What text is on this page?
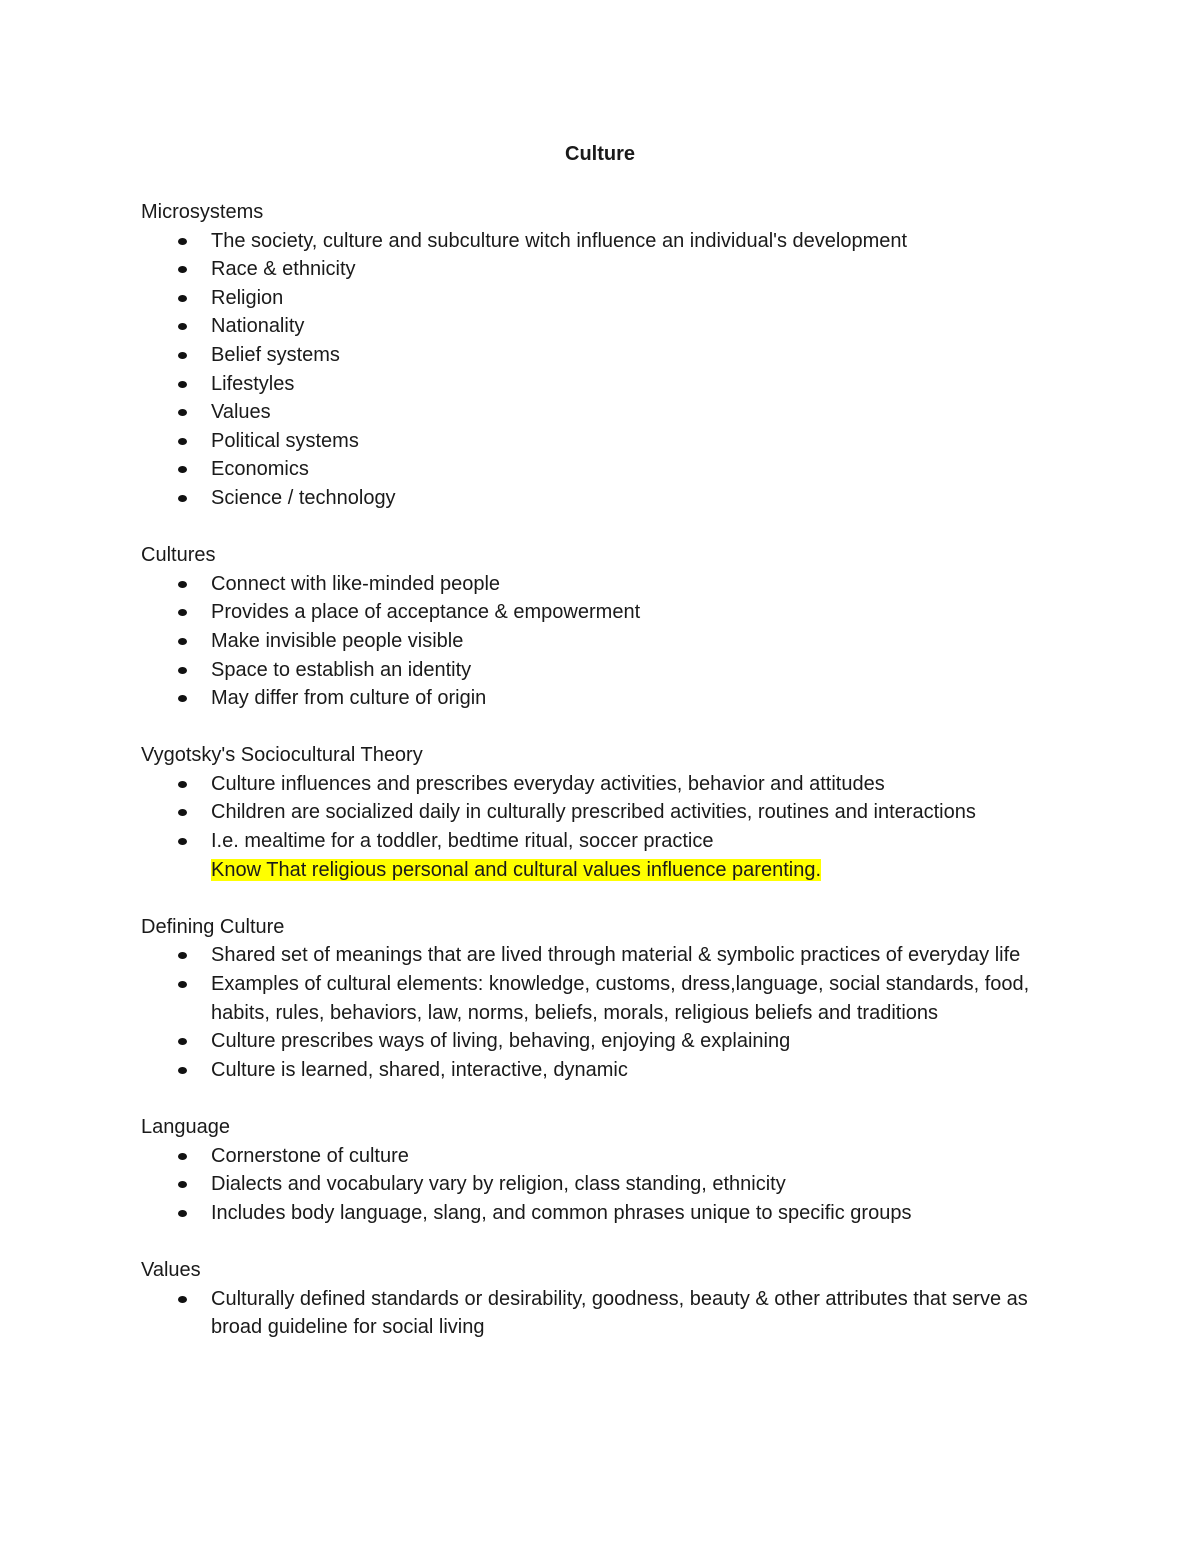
Culture
Microsystems
The society, culture and subculture witch influence an individual's development
Race & ethnicity
Religion
Nationality
Belief systems
Lifestyles
Values
Political systems
Economics
Science / technology
Cultures
Connect with like-minded people
Provides a place of acceptance & empowerment
Make invisible people visible
Space to establish an identity
May differ from culture of origin
Vygotsky's Sociocultural Theory
Culture influences and prescribes everyday activities, behavior and attitudes
Children are socialized daily in culturally prescribed activities, routines and interactions
I.e. mealtime for a toddler, bedtime ritual, soccer practice
Know That religious personal and cultural values influence parenting.
Defining Culture
Shared set of meanings that are lived through material & symbolic practices of everyday life
Examples of cultural elements: knowledge, customs, dress,language, social standards, food, habits, rules, behaviors, law, norms, beliefs, morals, religious beliefs and traditions
Culture prescribes ways of living, behaving, enjoying & explaining
Culture is learned, shared, interactive, dynamic
Language
Cornerstone of culture
Dialects and vocabulary vary by religion, class standing, ethnicity
Includes body language, slang, and common phrases unique to specific groups
Values
Culturally defined standards or desirability, goodness, beauty & other attributes that serve as broad guideline for social living
